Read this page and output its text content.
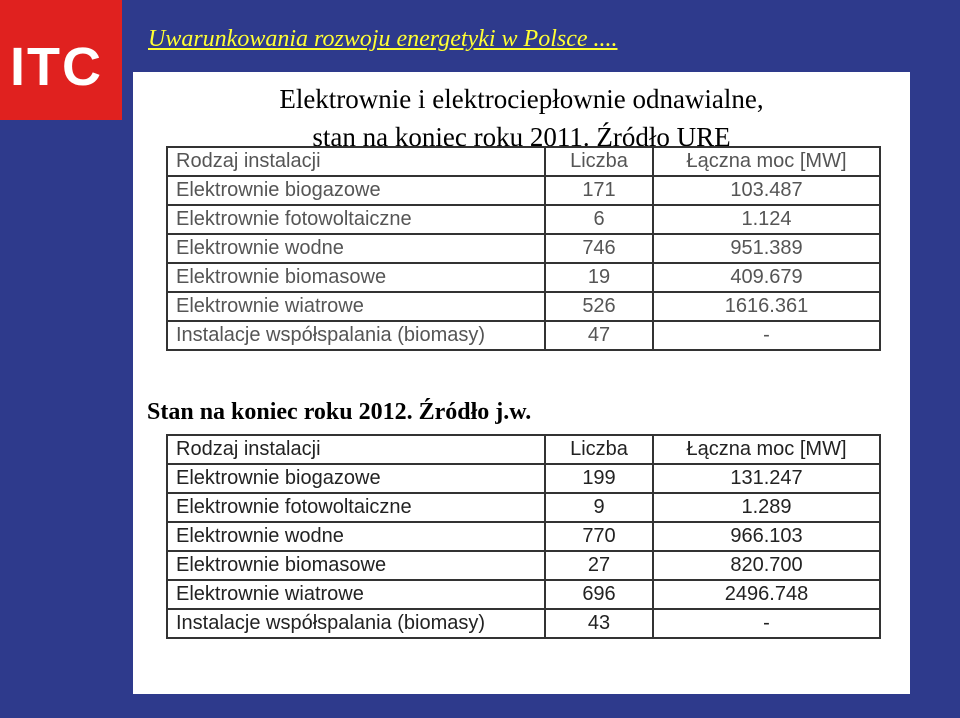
ITC Uwarunkowania rozwoju energetyki w Polsce ....
Elektrownie i elektrociepłownie odnawialne,
stan na koniec roku 2011. Źródło URE
Rodzaj instalacji	Liczba	Łączna moc [MW]
Elektrownie biogazowe	171	103.487
Elektrownie fotowoltaiczne	6	1.124
Elektrownie wodne	746	951.389
Elektrownie biomasowe	19	409.679
Elektrownie wiatrowe	526	1616.361
Instalacje współspalania (biomasy)	47	-
Stan na koniec roku 2012. Źródło j.w.
Rodzaj instalacji	Liczba	Łączna moc [MW]
Elektrownie biogazowe	199	131.247
Elektrownie fotowoltaiczne	9	1.289
Elektrownie wodne	770	966.103
Elektrownie biomasowe	27	820.700
Elektrownie wiatrowe	696	2496.748
Instalacje współspalania (biomasy)	43	-
